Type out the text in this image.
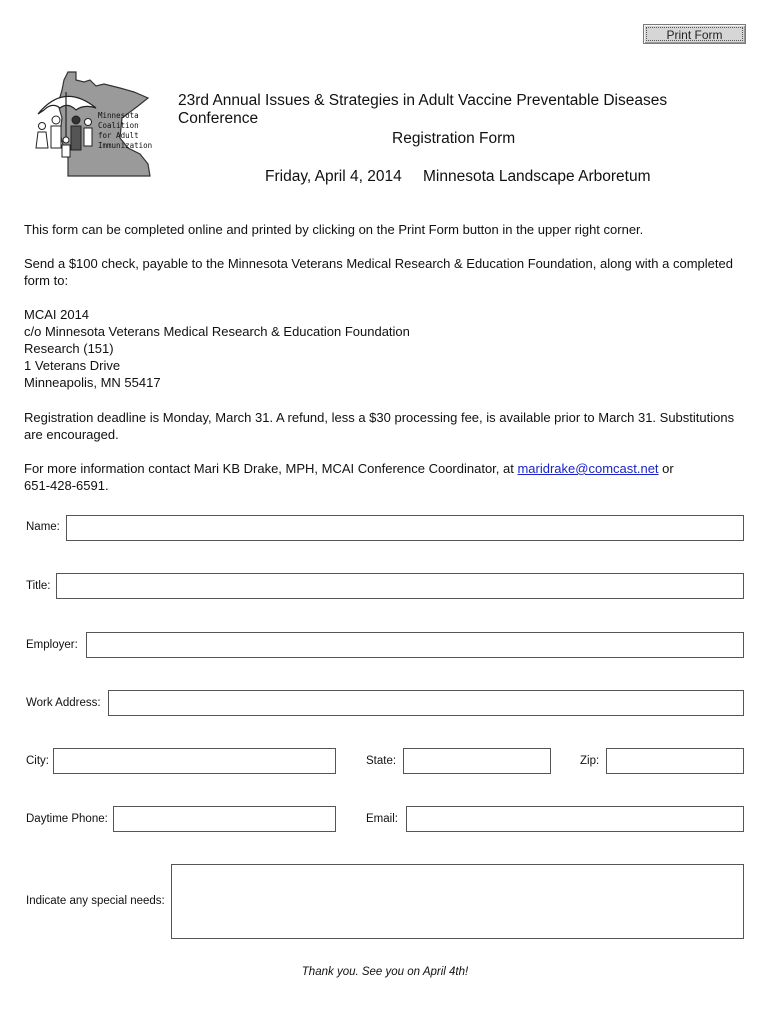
Print Form
Minnesota
Coalition
for Adult
Immunization
23rd Annual Issues & Strategies in Adult Vaccine Preventable Diseases Conference
Registration Form
Friday, April 4, 2014 Minnesota Landscape Arboretum
This form can be completed online and printed by clicking on the Print Form button in the upper right corner.
Send a $100 check, payable to the Minnesota Veterans Medical Research & Education Foundation, along with a completed
form to:
MCAI 2014
c/o Minnesota Veterans Medical Research & Education Foundation
Research (151)
1 Veterans Drive
Minneapolis, MN 55417
Registration deadline is Monday, March 31. A refund, less a $30 processing fee, is available prior to March 31. Substitutions
are encouraged.
For more information contact Mari KB Drake, MPH, MCAI Conference Coordinator, at maridrake@comcast.net or
651-428-6591.
Name:
Title:
Employer:
Work Address:
City:	State:	Zip:
Daytime Phone:	Email:
Indicate any special needs:
Thank you. See you on April 4th!
